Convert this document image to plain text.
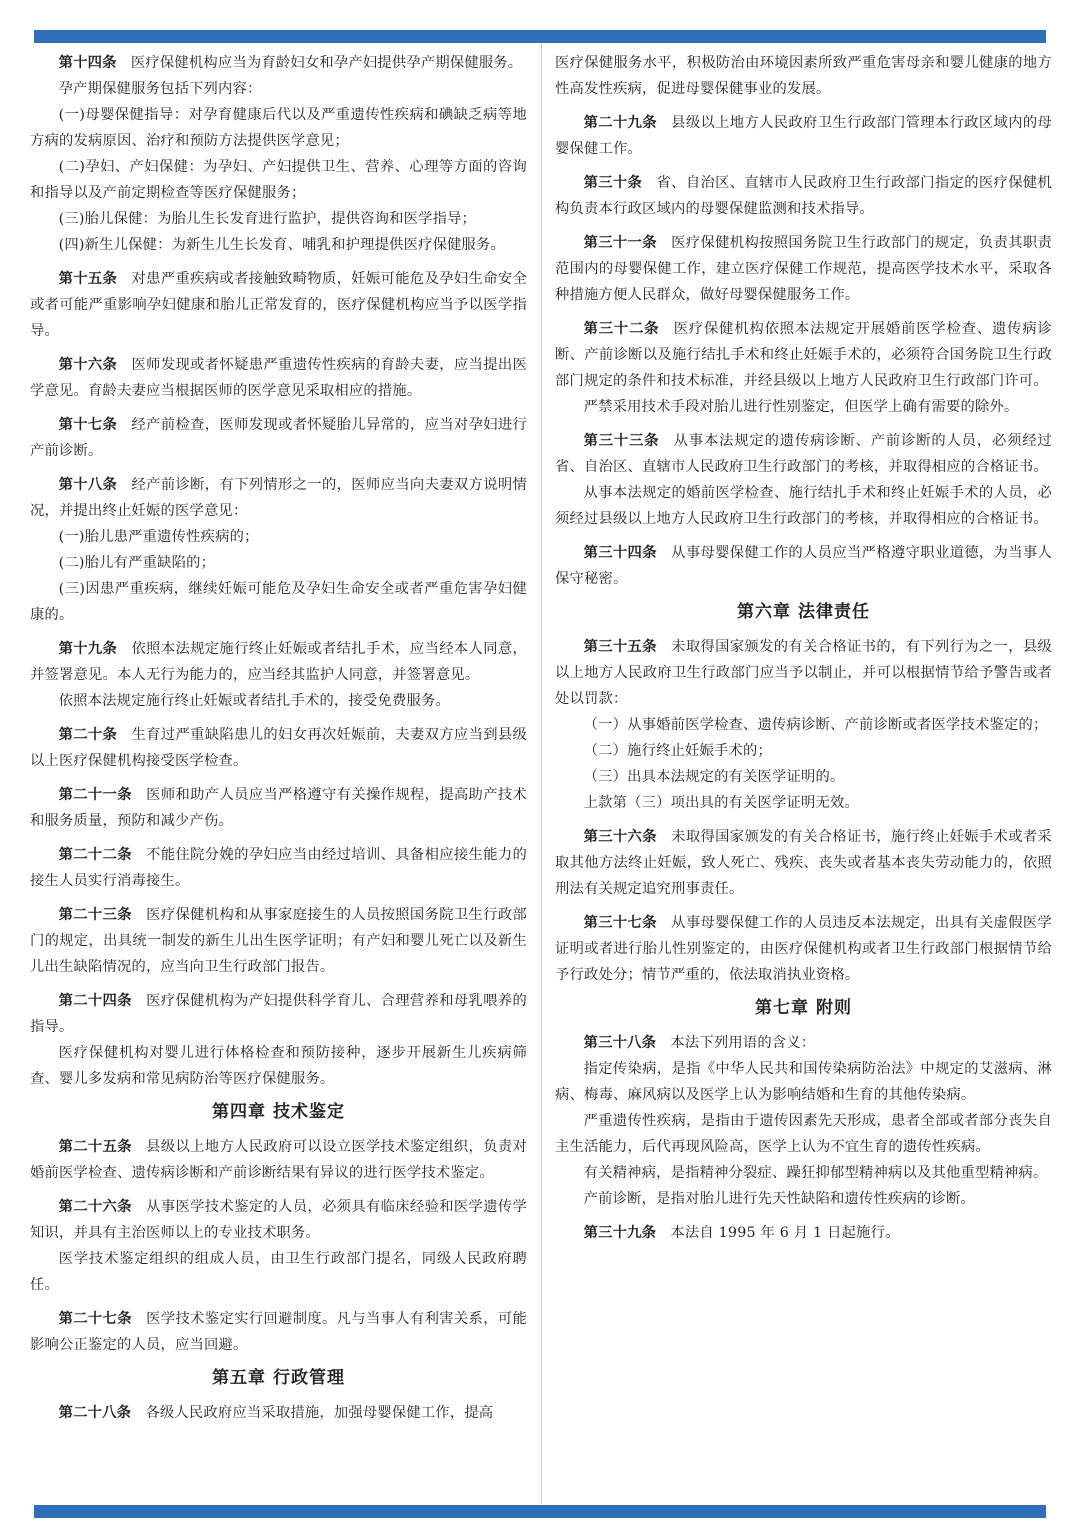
第十四条 医疗保健机构应当为育龄妇女和孕产妇提供孕产期保健服务。

孕产期保健服务包括下列内容：

(一)母婴保健指导：对孕育健康后代以及严重遗传性疾病和碘缺乏病等地方病的发病原因、治疗和预防方法提供医学意见；

(二)孕妇、产妇保健：为孕妇、产妇提供卫生、营养、心理等方面的咨询和指导以及产前定期检查等医疗保健服务；

(三)胎儿保健：为胎儿生长发育进行监护，提供咨询和医学指导；

(四)新生儿保健：为新生儿生长发育、哺乳和护理提供医疗保健服务。

第十五条 对患严重疾病或者接触致畸物质，妊娠可能危及孕妇生命安全或者可能严重影响孕妇健康和胎儿正常发育的，医疗保健机构应当予以医学指导。

第十六条 医师发现或者怀疑患严重遗传性疾病的育龄夫妻，应当提出医学意见。育龄夫妻应当根据医师的医学意见采取相应的措施。

第十七条 经产前检查，医师发现或者怀疑胎儿异常的，应当对孕妇进行产前诊断。

第十八条 经产前诊断，有下列情形之一的，医师应当向夫妻双方说明情况，并提出终止妊娠的医学意见：

(一)胎儿患严重遗传性疾病的；

(二)胎儿有严重缺陷的；

(三)因患严重疾病，继续妊娠可能危及孕妇生命安全或者严重危害孕妇健康的。

第十九条 依照本法规定施行终止妊娠或者结扎手术，应当经本人同意，并签署意见。本人无行为能力的，应当经其监护人同意，并签署意见。

依照本法规定施行终止妊娠或者结扎手术的，接受免费服务。

第二十条 生育过严重缺陷患儿的妇女再次妊娠前，夫妻双方应当到县级以上医疗保健机构接受医学检查。

第二十一条 医师和助产人员应当严格遵守有关操作规程，提高助产技术和服务质量，预防和减少产伤。

第二十二条 不能住院分娩的孕妇应当由经过培训、具备相应接生能力的接生人员实行消毒接生。

第二十三条 医疗保健机构和从事家庭接生的人员按照国务院卫生行政部门的规定，出具统一制发的新生儿出生医学证明；有产妇和婴儿死亡以及新生儿出生缺陷情况的，应当向卫生行政部门报告。

第二十四条 医疗保健机构为产妇提供科学育儿、合理营养和母乳喂养的指导。

医疗保健机构对婴儿进行体格检查和预防接种，逐步开展新生儿疾病筛查、婴儿多发病和常见病防治等医疗保健服务。

第四章 技术鉴定

第二十五条 县级以上地方人民政府可以设立医学技术鉴定组织，负责对婚前医学检查、遗传病诊断和产前诊断结果有异议的进行医学技术鉴定。

第二十六条 从事医学技术鉴定的人员，必须具有临床经验和医学遗传学知识，并具有主治医师以上的专业技术职务。

医学技术鉴定组织的组成人员，由卫生行政部门提名，同级人民政府聘任。

第二十七条 医学技术鉴定实行回避制度。凡与当事人有利害关系，可能影响公正鉴定的人员，应当回避。

第五章 行政管理

第二十八条 各级人民政府应当采取措施，加强母婴保健工作，提高

医疗保健服务水平，积极防治由环境因素所致严重危害母亲和婴儿健康的地方性高发性疾病，促进母婴保健事业的发展。

第二十九条 县级以上地方人民政府卫生行政部门管理本行政区域内的母婴保健工作。

第三十条 省、自治区、直辖市人民政府卫生行政部门指定的医疗保健机构负责本行政区域内的母婴保健监测和技术指导。

第三十一条 医疗保健机构按照国务院卫生行政部门的规定，负责其职责范围内的母婴保健工作，建立医疗保健工作规范，提高医学技术水平，采取各种措施方便人民群众，做好母婴保健服务工作。

第三十二条 医疗保健机构依照本法规定开展婚前医学检查、遗传病诊断、产前诊断以及施行结扎手术和终止妊娠手术的，必须符合国务院卫生行政部门规定的条件和技术标准，并经县级以上地方人民政府卫生行政部门许可。

严禁采用技术手段对胎儿进行性别鉴定，但医学上确有需要的除外。

第三十三条 从事本法规定的遗传病诊断、产前诊断的人员，必须经过省、自治区、直辖市人民政府卫生行政部门的考核，并取得相应的合格证书。

从事本法规定的婚前医学检查、施行结扎手术和终止妊娠手术的人员，必须经过县级以上地方人民政府卫生行政部门的考核，并取得相应的合格证书。

第三十四条 从事母婴保健工作的人员应当严格遵守职业道德，为当事人保守秘密。

第六章 法律责任

第三十五条 未取得国家颁发的有关合格证书的，有下列行为之一，县级以上地方人民政府卫生行政部门应当予以制止，并可以根据情节给予警告或者处以罚款：

（一）从事婚前医学检查、遗传病诊断、产前诊断或者医学技术鉴定的；

（二）施行终止妊娠手术的；

（三）出具本法规定的有关医学证明的。

上款第（三）项出具的有关医学证明无效。

第三十六条 未取得国家颁发的有关合格证书，施行终止妊娠手术或者采取其他方法终止妊娠，致人死亡、残疾、丧失或者基本丧失劳动能力的，依照刑法有关规定追究刑事责任。

第三十七条 从事母婴保健工作的人员违反本法规定，出具有关虚假医学证明或者进行胎儿性别鉴定的，由医疗保健机构或者卫生行政部门根据情节给予行政处分；情节严重的，依法取消执业资格。

第七章 附则

第三十八条 本法下列用语的含义：

指定传染病，是指《中华人民共和国传染病防治法》中规定的艾滋病、淋病、梅毒、麻风病以及医学上认为影响结婚和生育的其他传染病。

严重遗传性疾病，是指由于遗传因素先天形成，患者全部或者部分丧失自主生活能力，后代再现风险高，医学上认为不宜生育的遗传性疾病。

有关精神病，是指精神分裂症、躁狂抑郁型精神病以及其他重型精神病。

产前诊断，是指对胎儿进行先天性缺陷和遗传性疾病的诊断。

第三十九条 本法自 1995 年 6 月 1 日起施行。
